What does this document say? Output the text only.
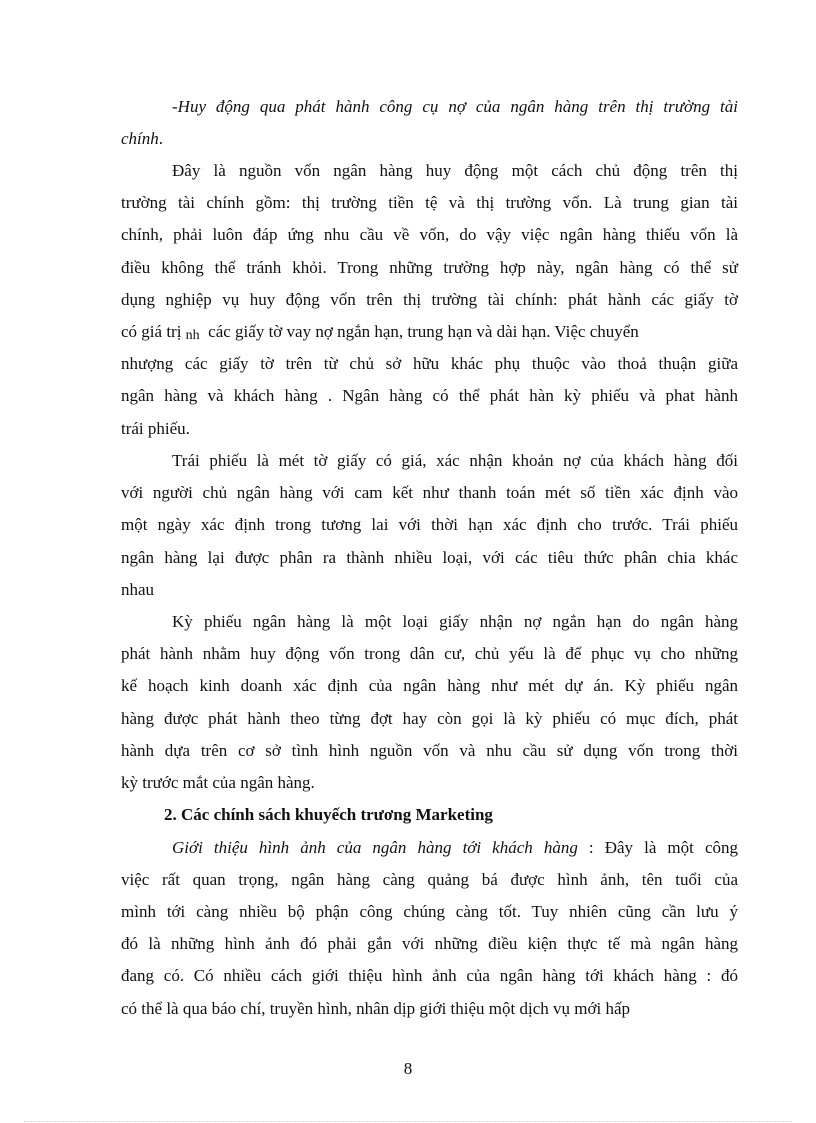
-Huy động qua phát hành công cụ nợ của ngân hàng trên thị trường tài
chính.
Đây là nguồn vốn ngân hàng huy động một cách chủ động trên thị
trường tài chính gồm: thị trường tiền tệ và thị trường vốn. Là trung gian tài
chính, phải luôn đáp ứng nhu cầu về vốn, do vậy việc ngân hàng thiếu vốn là
điều không thể tránh khỏi. Trong những trường hợp này, ngân hàng có thể sử
dụng nghiệp vụ huy động vốn trên thị trường tài chính: phát hành các giấy tờ
có giá trị nh các giấy tờ vay nợ ngắn hạn, trung hạn và dài hạn. Việc chuyển
nhượng các giấy tờ trên từ chủ sở hữu khác phụ thuộc vào thoả thuận giữa
ngân hàng và khách hàng . Ngân hàng có thể phát hàn kỳ phiếu và phat hành
trái phiếu.
Trái phiếu là mét tờ giấy có giá, xác nhận khoản nợ của khách hàng đối
với người chủ ngân hàng với cam kết như thanh toán mét số tiền xác định vào
một ngày xác định trong tương lai với thời hạn xác định cho trước. Trái phiếu
ngân hàng lại được phân ra thành nhiều loại, với các tiêu thức phân chia khác
nhau
Kỳ phiếu ngân hàng là một loại giấy nhận nợ ngắn hạn do ngân hàng
phát hành nhằm huy động vốn trong dân cư, chủ yếu là để phục vụ cho những
kế hoạch kinh doanh xác định của ngân hàng như mét dự án. Kỳ phiếu ngân
hàng được phát hành theo từng đợt hay còn gọi là kỳ phiếu có mục đích, phát
hành dựa trên cơ sở tình hình nguồn vốn và nhu cầu sử dụng vốn trong thời
kỳ trước mắt của ngân hàng.
2. Các chính sách khuyếch trương Marketing
Giới thiệu hình ảnh của ngân hàng tới khách hàng : Đây là một công
việc rất quan trọng, ngân hàng càng quảng bá được hình ảnh, tên tuổi của
mình tới càng nhiều bộ phận công chúng càng tốt. Tuy nhiên cũng cần lưu ý
đó là những hình ảnh đó phải gắn với những điều kiện thực tế mà ngân hàng
đang có. Có nhiều cách giới thiệu hình ảnh của ngân hàng tới khách hàng : đó
có thể là qua báo chí, truyền hình, nhân dịp giới thiệu một dịch vụ mới hấp
8
